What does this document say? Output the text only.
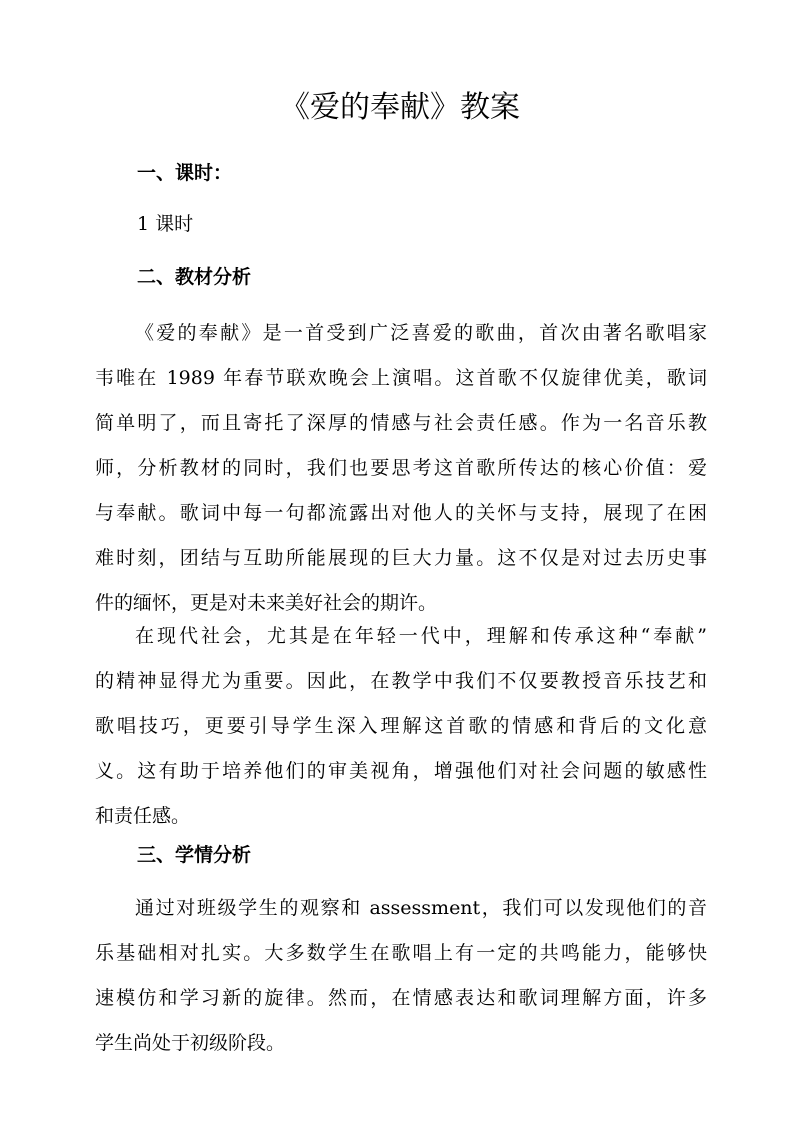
《爱的奉献》教案
一、课时：

1 课时

二、教材分析
《爱的奉献》是一首受到广泛喜爱的歌曲，首次由著名歌唱家
韦唯在 1989 年春节联欢晚会上演唱。这首歌不仅旋律优美，歌词
简单明了，而且寄托了深厚的情感与社会责任感。作为一名音乐教
师，分析教材的同时，我们也要思考这首歌所传达的核心价值：爱
与奉献。歌词中每一句都流露出对他人的关怀与支持，展现了在困
难时刻，团结与互助所能展现的巨大力量。这不仅是对过去历史事
件的缅怀，更是对未来美好社会的期许。
在现代社会，尤其是在年轻一代中，理解和传承这种“奉献”
的精神显得尤为重要。因此，在教学中我们不仅要教授音乐技艺和
歌唱技巧，更要引导学生深入理解这首歌的情感和背后的文化意
义。这有助于培养他们的审美视角，增强他们对社会问题的敏感性
和责任感。
三、学情分析
通过对班级学生的观察和 assessment，我们可以发现他们的音
乐基础相对扎实。大多数学生在歌唱上有一定的共鸣能力，能够快
速模仿和学习新的旋律。然而，在情感表达和歌词理解方面，许多
学生尚处于初级阶段。
